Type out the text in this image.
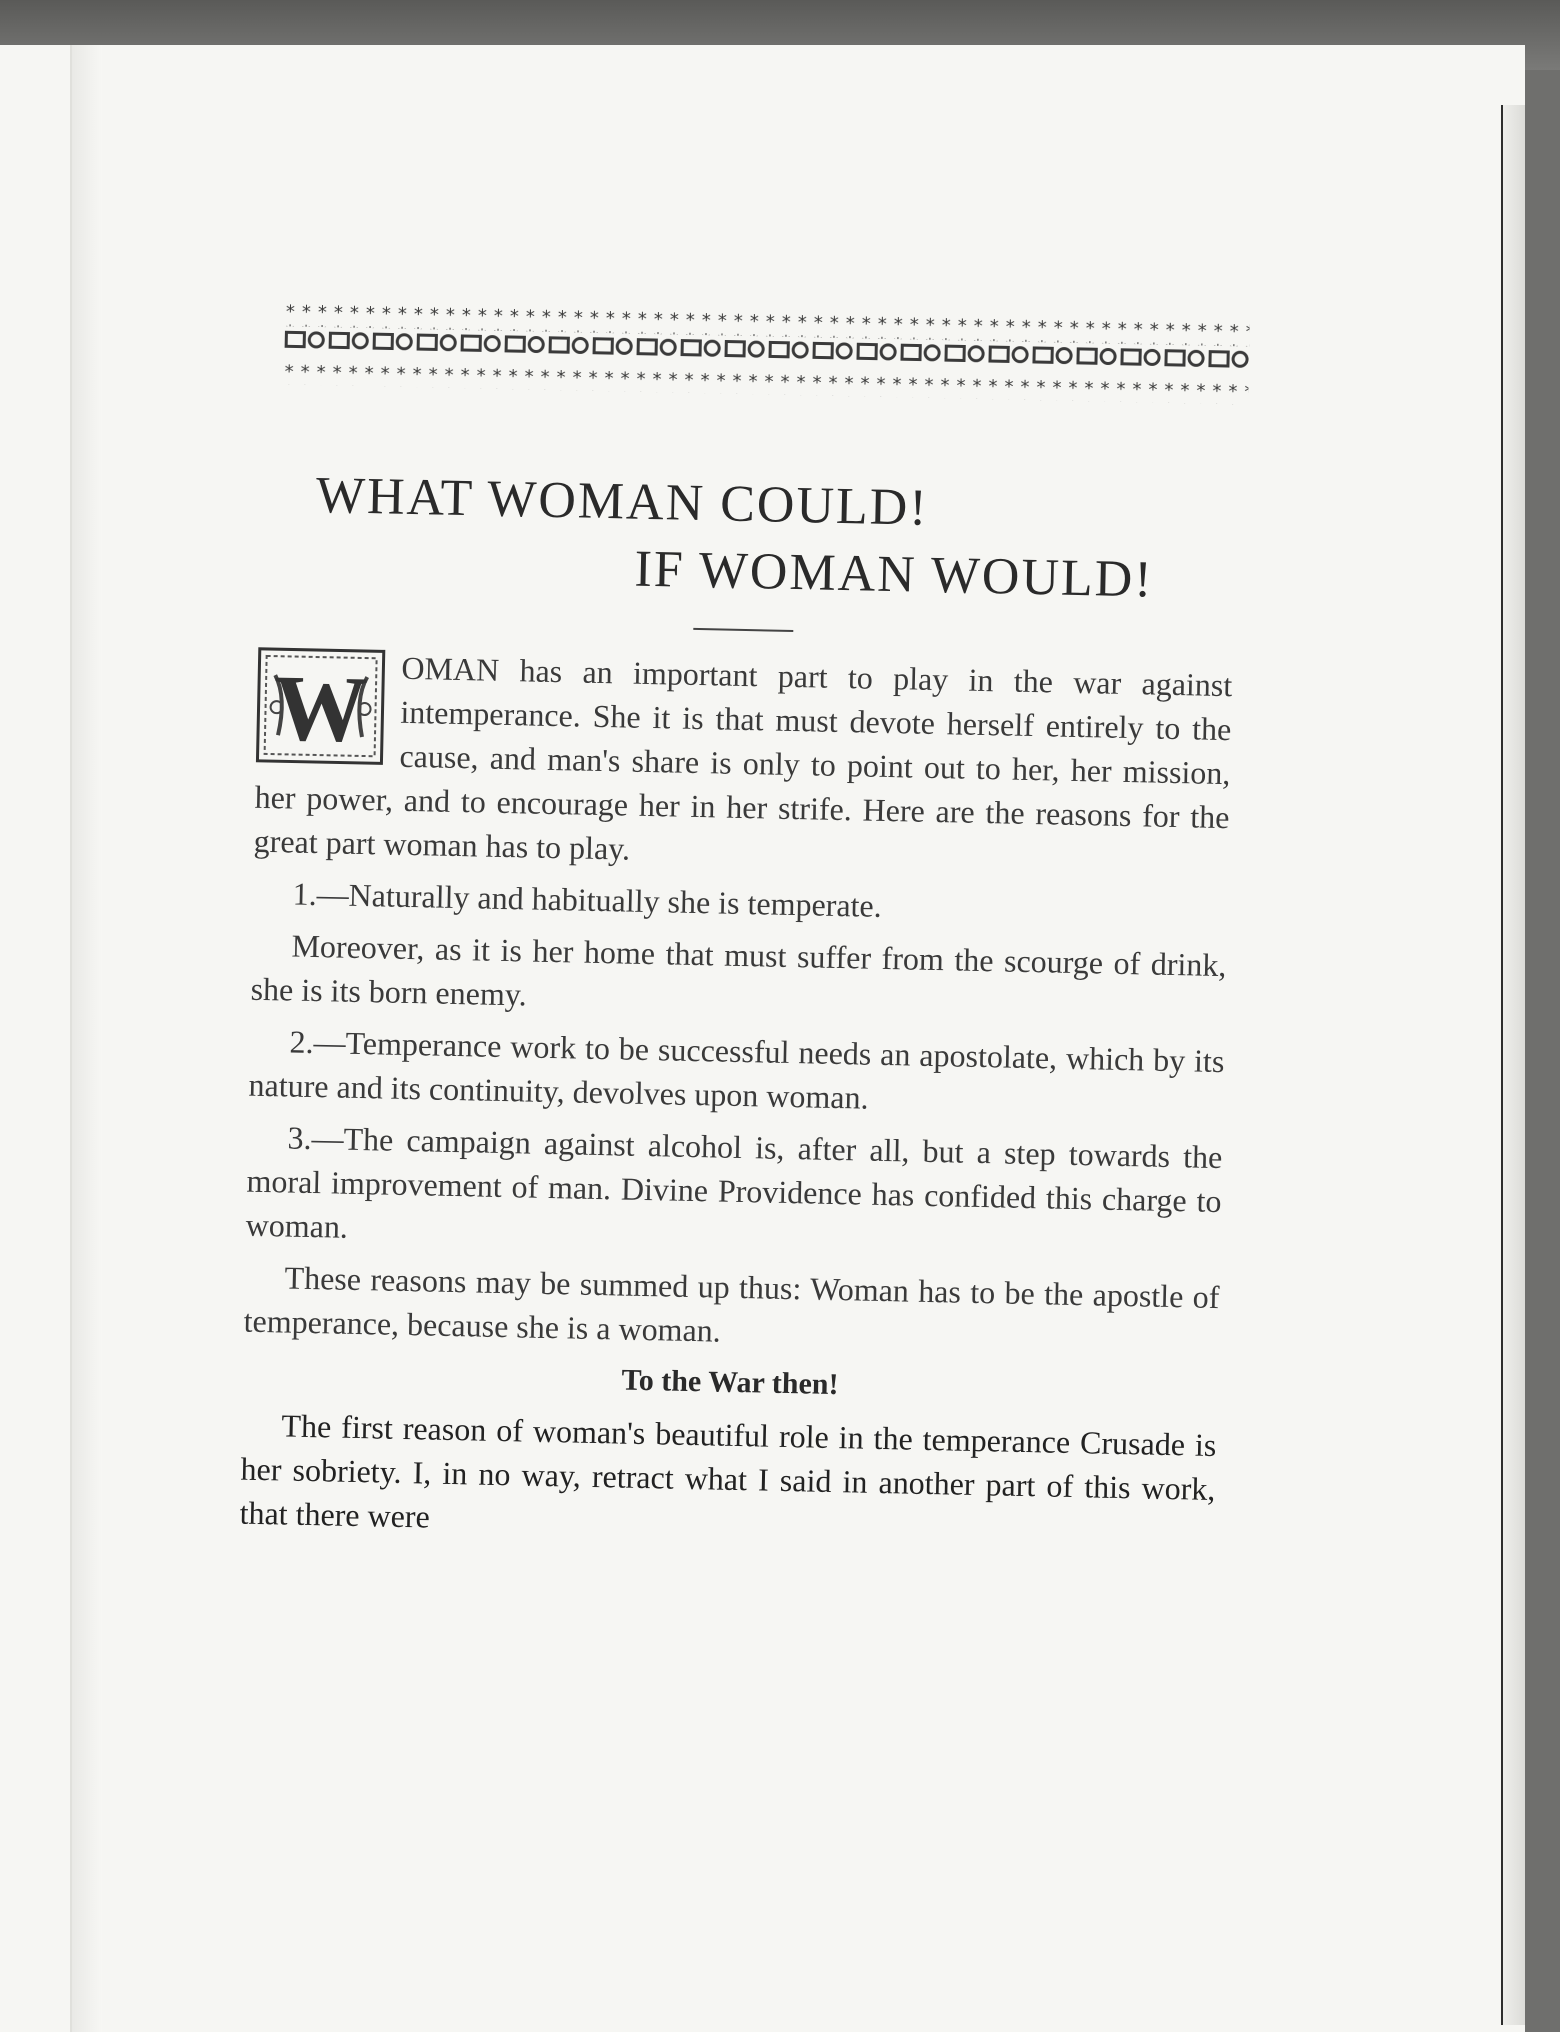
WHAT WOMAN COULD!
IF WOMAN WOULD!

W OMAN has an important part to play in the war against intemperance. She it is that must devote herself entirely to the cause, and man's share is only to point out to her, her mission, her power, and to encourage her in her strife. Here are the reasons for the great part woman has to play.

1.—Naturally and habitually she is temperate.

Moreover, as it is her home that must suffer from the scourge of drink, she is its born enemy.

2.—Temperance work to be successful needs an apostolate, which by its nature and its continuity, devolves upon woman.

3.—The campaign against alcohol is, after all, but a step towards the moral improvement of man. Divine Providence has confided this charge to woman.

These reasons may be summed up thus: Woman has to be the apostle of temperance, because she is a woman.

To the War then!

The first reason of woman's beautiful role in the temperance Crusade is her sobriety. I, in no way, retract what I said in another part of this work, that there were
